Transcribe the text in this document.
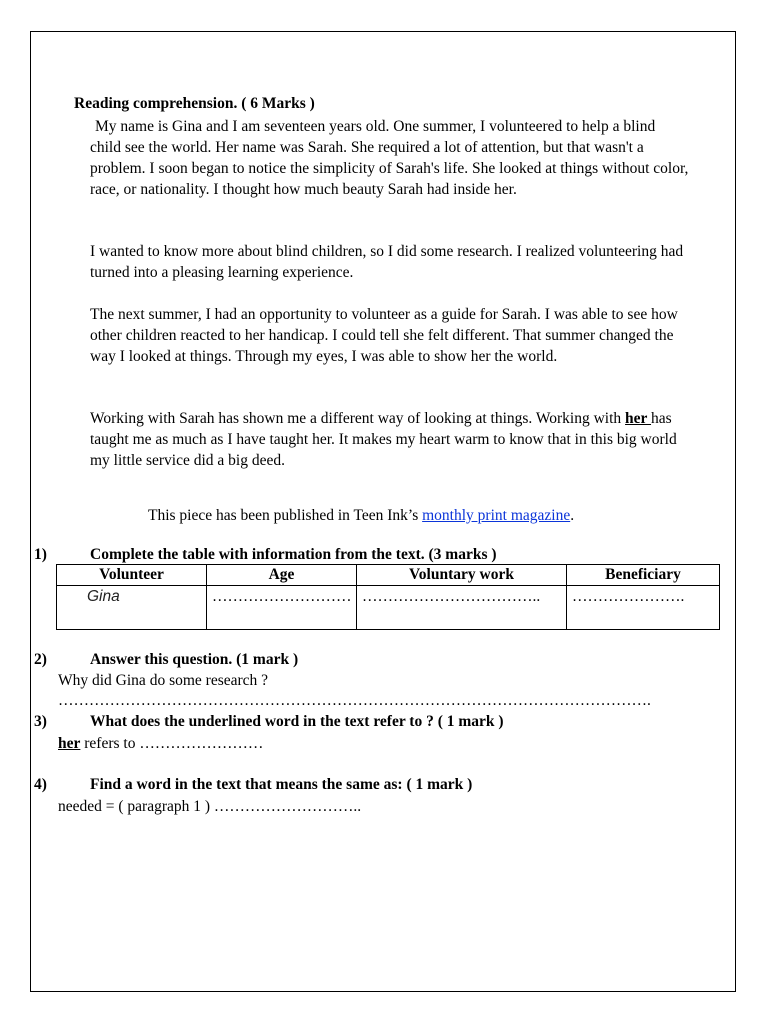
Reading comprehension. ( 6 Marks )
My name is Gina and I am seventeen years old. One summer, I volunteered to help a blind child see the world. Her name was Sarah. She required a lot of attention, but that wasn't a problem. I soon began to notice the simplicity of Sarah's life. She looked at things without color, race, or nationality. I thought how much beauty Sarah had inside her.
I wanted to know more about blind children, so I did some research. I realized volunteering had turned into a pleasing learning experience.
The next summer, I had an opportunity to volunteer as a guide for Sarah. I was able to see how other children reacted to her handicap. I could tell she felt different. That summer changed the way I looked at things. Through my eyes, I was able to show her the world.
Working with Sarah has shown me a different way of looking at things. Working with her has taught me as much as I have taught her. It makes my heart warm to know that in this big world my little service did a big deed.
This piece has been published in Teen Ink’s monthly print magazine.
1)	Complete the table with information from the text. (3 marks )
Volunteer	Age	Voluntary work	Beneficiary
Gina	………………………	……………………………..	………………….
2)	Answer this question. (1 mark )
Why did Gina do some research ?
…………………………………………………………………………………………………….
3)	What does the underlined word in the text refer to ? ( 1 mark )
her refers to ……………………
4)	Find a word in the text that means the same as: ( 1 mark )
needed = ( paragraph 1 ) ………………………..
